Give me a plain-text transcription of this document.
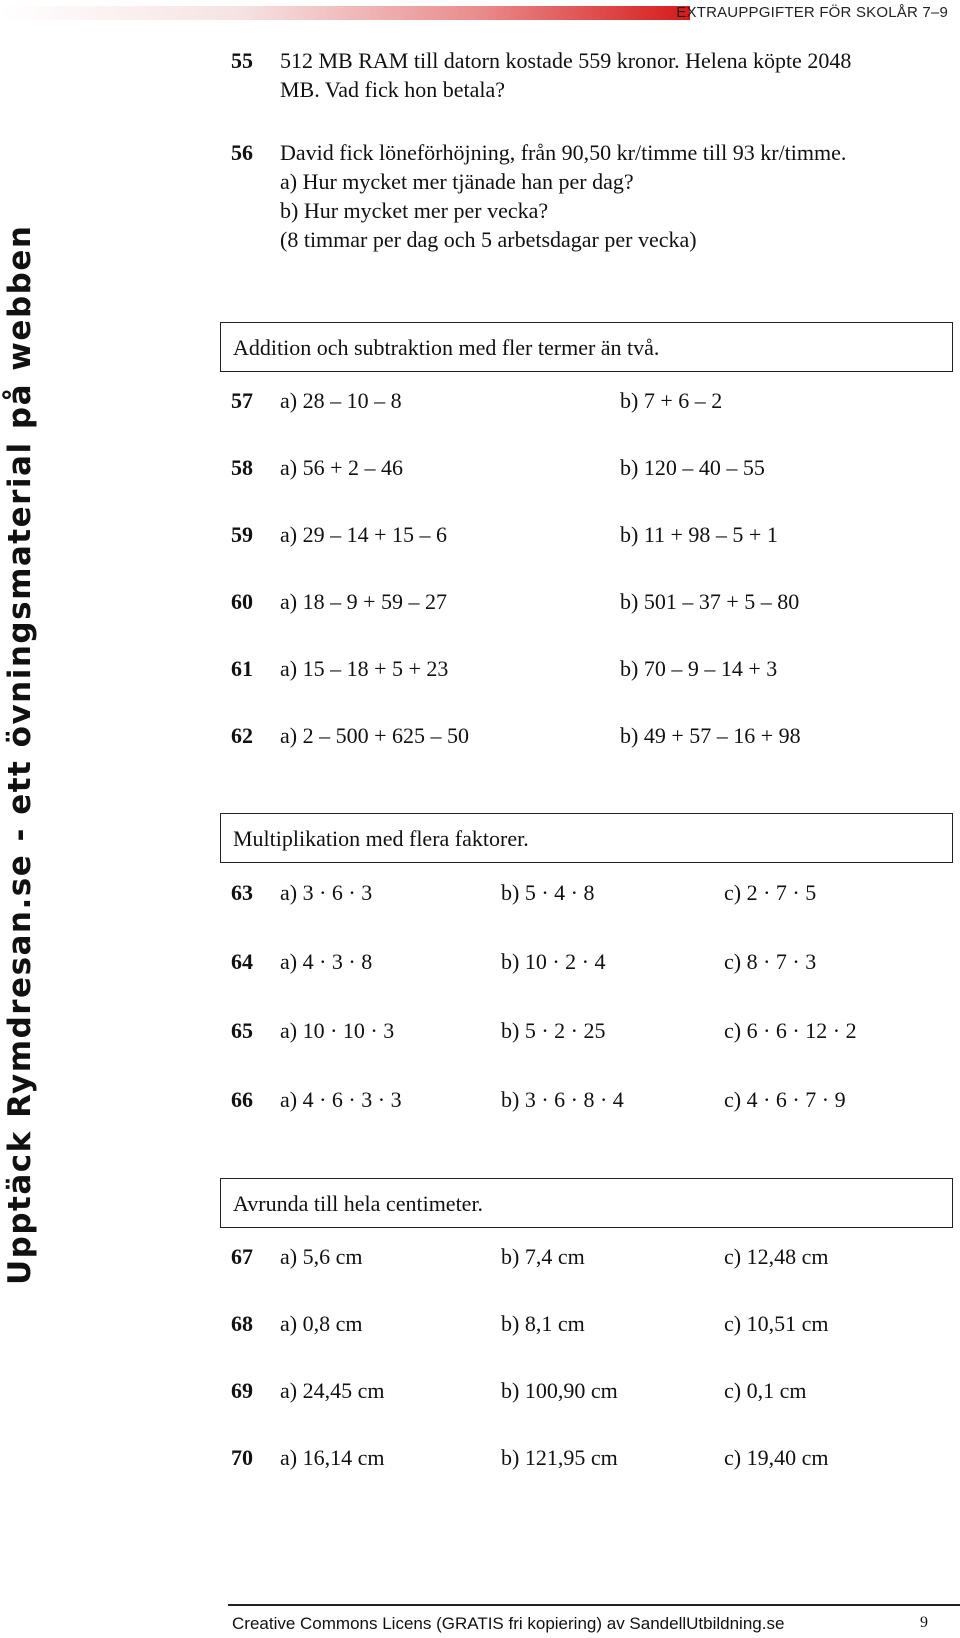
EXTRAUPPGIFTER FÖR SKOLÅR 7–9
Upptäck Rymdresan.se - ett övningsmaterial på webben
55	512 MB RAM till datorn kostade 559 kronor. Helena köpte 2048
MB. Vad fick hon betala?
56	David fick löneförhöjning, från 90,50 kr/timme till 93 kr/timme.
a) Hur mycket mer tjänade han per dag?
b) Hur mycket mer per vecka?
(8 timmar per dag och 5 arbetsdagar per vecka)
Addition och subtraktion med fler termer än två.
57 a) 28 – 10 – 8	b) 7 + 6 – 2
58 a) 56 + 2 – 46	b) 120 – 40 – 55
59 a) 29 – 14 + 15 – 6	b) 11 + 98 – 5 + 1
60 a) 18 – 9 + 59 – 27	b) 501 – 37 + 5 – 80
61 a) 15 – 18 + 5 + 23	b) 70 – 9 – 14 + 3
62 a) 2 – 500 + 625 – 50	b) 49 + 57 – 16 + 98
Multiplikation med flera faktorer.
63 a) 3 · 6 · 3	b) 5 · 4 · 8	c) 2 · 7 · 5
64 a) 4 · 3 · 8	b) 10 · 2 · 4	c) 8 · 7 · 3
65 a) 10 · 10 · 3	b) 5 · 2 · 25	c) 6 · 6 · 12 · 2
66 a) 4 · 6 · 3 · 3	b) 3 · 6 · 8 · 4	c) 4 · 6 · 7 · 9
Avrunda till hela centimeter.
67 a) 5,6 cm	b) 7,4 cm	c) 12,48 cm
68 a) 0,8 cm	b) 8,1 cm	c) 10,51 cm
69 a) 24,45 cm	b) 100,90 cm	c) 0,1 cm
70 a) 16,14 cm	b) 121,95 cm	c) 19,40 cm
Creative Commons Licens (GRATIS fri kopiering) av SandellUtbildning.se	9
